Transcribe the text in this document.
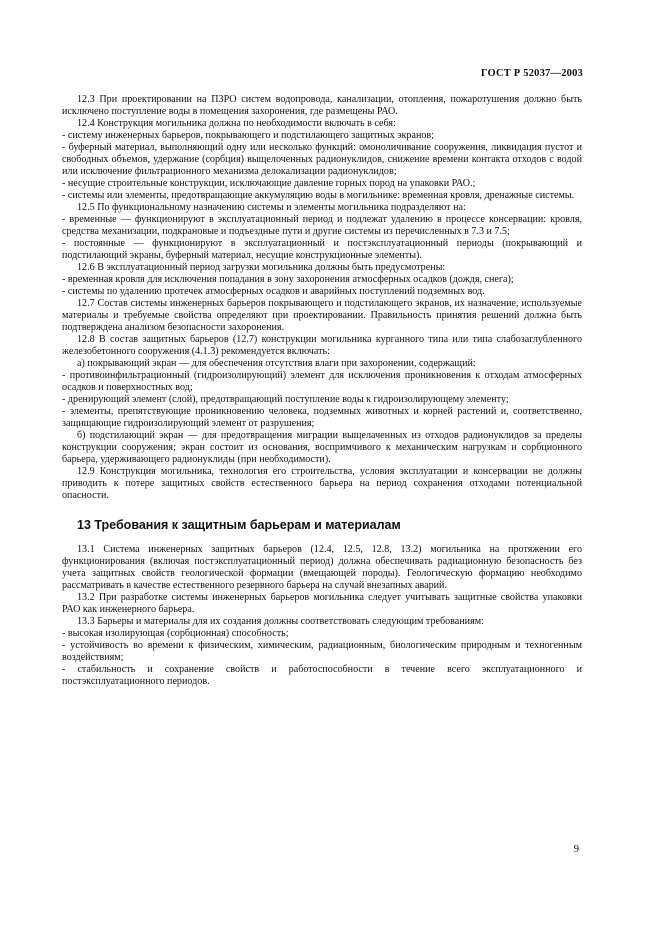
ГОСТ Р 52037—2003

12.3 При проектировании на ПЗРО систем водопровода, канализации, отопления, пожаротушения должно быть исключено поступление воды в помещения захоронения, где размещены РАО.

12.4 Конструкция могильника должна по необходимости включать в себя:

- систему инженерных барьеров, покрывающего и подстилающего защитных экранов;

- буферный материал, выполняющий одну или несколько функций: омоноличивание сооружения, ликвидация пустот и свободных объемов, удержание (сорбция) выщелоченных радионуклидов, снижение времени контакта отходов с водой или исключение фильтрационного механизма делокализации радионуклидов;

- несущие строительные конструкции, исключающие давление горных пород на упаковки РАО.;

- системы или элементы, предотвращающие аккумуляцию воды в могильнике: временная кровля, дренажные системы.

12.5 По функциональному назначению системы и элементы могильника подразделяют на:

- временные — функционируют в эксплуатационный период и подлежат удалению в процессе консервации: кровля, средства механизации, подкрановые и подъездные пути и другие системы из перечисленных в 7.3 и 7.5;

- постоянные — функционируют в эксплуатационный и постэксплуатационный периоды (покрывающий и подстилающий экраны, буферный материал, несущие конструкционные элементы).

12.6 В эксплуатационный период загрузки могильника должны быть предусмотрены:

- временная кровля для исключения попадания в зону захоронения атмосферных осадков (дождя, снега);

- системы по удалению протечек атмосферных осадков и аварийных поступлений подземных вод.

12.7 Состав системы инженерных барьеров покрывающего и подстилающего экранов, их назначение, используемые материалы и требуемые свойства определяют при проектировании. Правильность принятия решений должна быть подтверждена анализом безопасности захоронения.

12.8 В состав защитных барьеров (12.7) конструкции могильника курганного типа или типа слабозаглубленного железобетонного сооружения (4.1.3) рекомендуется включать:

а) покрывающий экран — для обеспечения отсутствия влаги при захоронении, содержащий:

- противоинфильтрационный (гидроизолирующий) элемент для исключения проникновения к отходам атмосферных осадков и поверхностных вод;

- дренирующий элемент (слой), предотвращающий поступление воды к гидроизолирующему элементу;

- элементы, препятствующие проникновению человека, подземных животных и корней растений и, соответственно, защищающие гидроизолирующий элемент от разрушения;

б) подстилающий экран — для предотвращения миграции выщелаченных из отходов радионуклидов за пределы конструкции сооружения; экран состоит из основания, воспримчивого к механическим нагрузкам и сорбционного барьера, удерживающего радионуклиды (при необходимости).

12.9 Конструкция могильника, технология его строительства, условия эксплуатации и консервации не должны приводить к потере защитных свойств естественного барьера на период сохранения отходами потенциальной опасности.

13 Требования к защитным барьерам и материалам

13.1 Система инженерных защитных барьеров (12.4, 12.5, 12.8, 13.2) могильника на протяжении его функционирования (включая постэксплуатационный период) должна обеспечивать радиационную безопасность без учета защитных свойств геологической формации (вмещающей породы). Геологическую формацию необходимо рассматривать в качестве естественного резервного барьера на случай внезапных аварий.

13.2 При разработке системы инженерных барьеров могильника следует учитывать защитные свойства упаковки РАО как инженерного барьера.

13.3 Барьеры и материалы для их создания должны соответствовать следующим требованиям:

- высокая изолирующая (сорбционная) способность;

- устойчивость во времени к физическим, химическим, радиационным, биологическим природным и техногенным воздействиям;

- стабильность и сохранение свойств и работоспособности в течение всего эксплуатационного и постэксплуатационного периодов.

9
